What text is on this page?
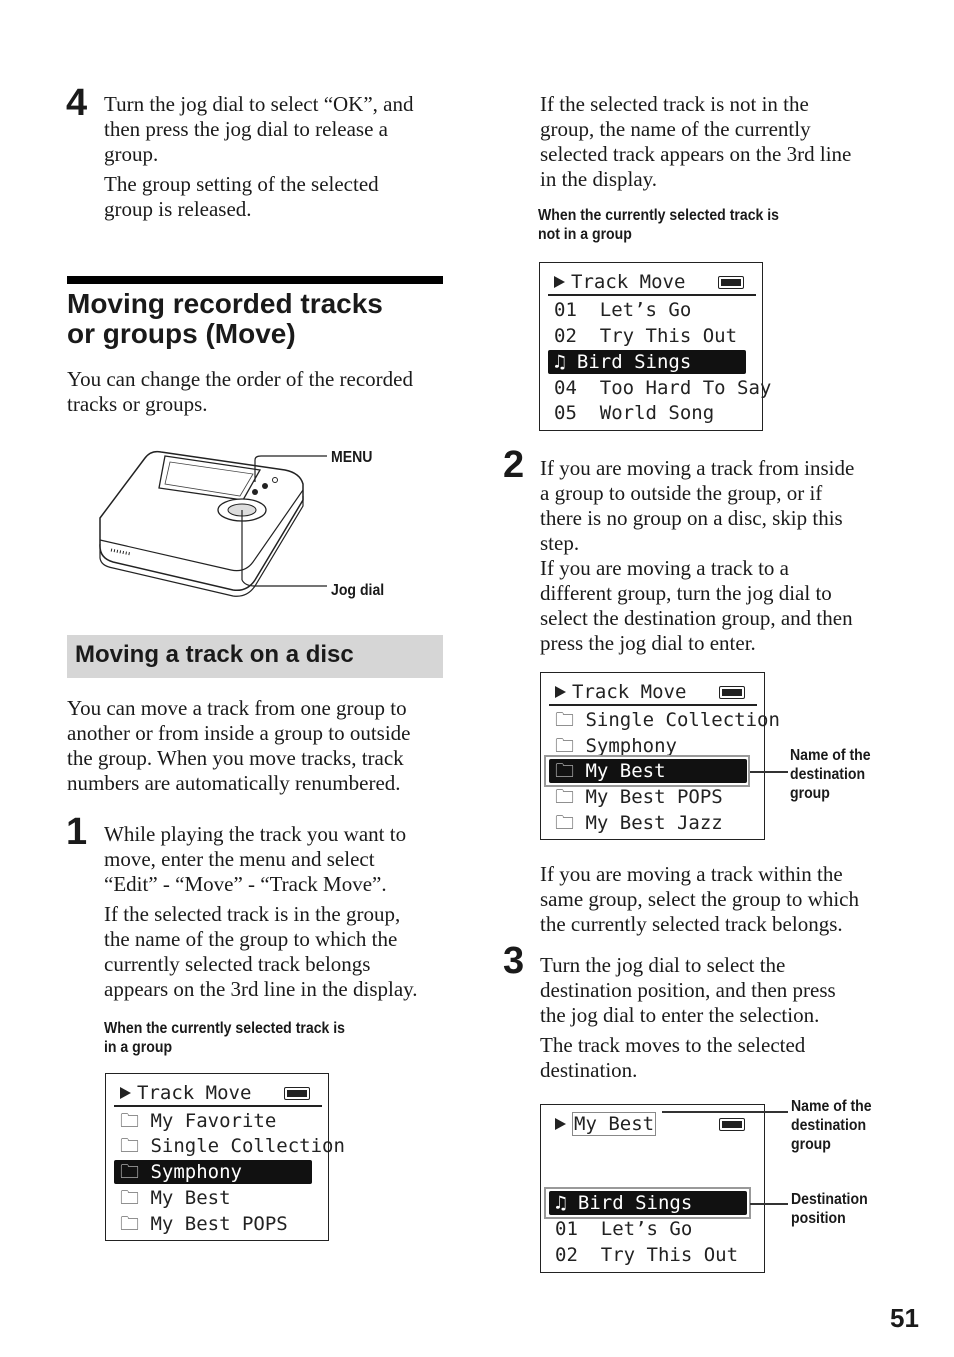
4 Turn the jog dial to select “OK”, and
then press the jog dial to release a
group.
The group setting of the selected
group is released.
Moving recorded tracks
or groups (Move)
You can change the order of the recorded
tracks or groups.
MENU
Jog dial
Moving a track on a disc
You can move a track from one group to
another or from inside a group to outside
the group. When you move tracks, track
numbers are automatically renumbered.
1 While playing the track you want to
move, enter the menu and select
“Edit” - “Move” - “Track Move”.
If the selected track is in the group,
the name of the group to which the
currently selected track belongs
appears on the 3rd line in the display.
When the currently selected track is
in a group
Track Move
🗀 My Favorite
🗀 Single Collection
🗀 Symphony
🗀 My Best
🗀 My Best POPS
If the selected track is not in the
group, the name of the currently
selected track appears on the 3rd line
in the display.
When the currently selected track is
not in a group
Track Move
01  Let’s Go
02  Try This Out
♫ Bird Sings
04  Too Hard To Say
05  World Song
2 If you are moving a track from inside
a group to outside the group, or if
there is no group on a disc, skip this
step.
If you are moving a track to a
different group, turn the jog dial to
select the destination group, and then
press the jog dial to enter.
Track Move
🗀 Single Collection
🗀 Symphony
🗀 My Best
🗀 My Best POPS
🗀 My Best Jazz
Name of the
destination
group
If you are moving a track within the
same group, select the group to which
the currently selected track belongs.
3 Turn the jog dial to select the
destination position, and then press
the jog dial to enter the selection.
The track moves to the selected
destination.
My Best
♫ Bird Sings
01  Let’s Go
02  Try This Out
Name of the
destination
group
Destination
position
51
